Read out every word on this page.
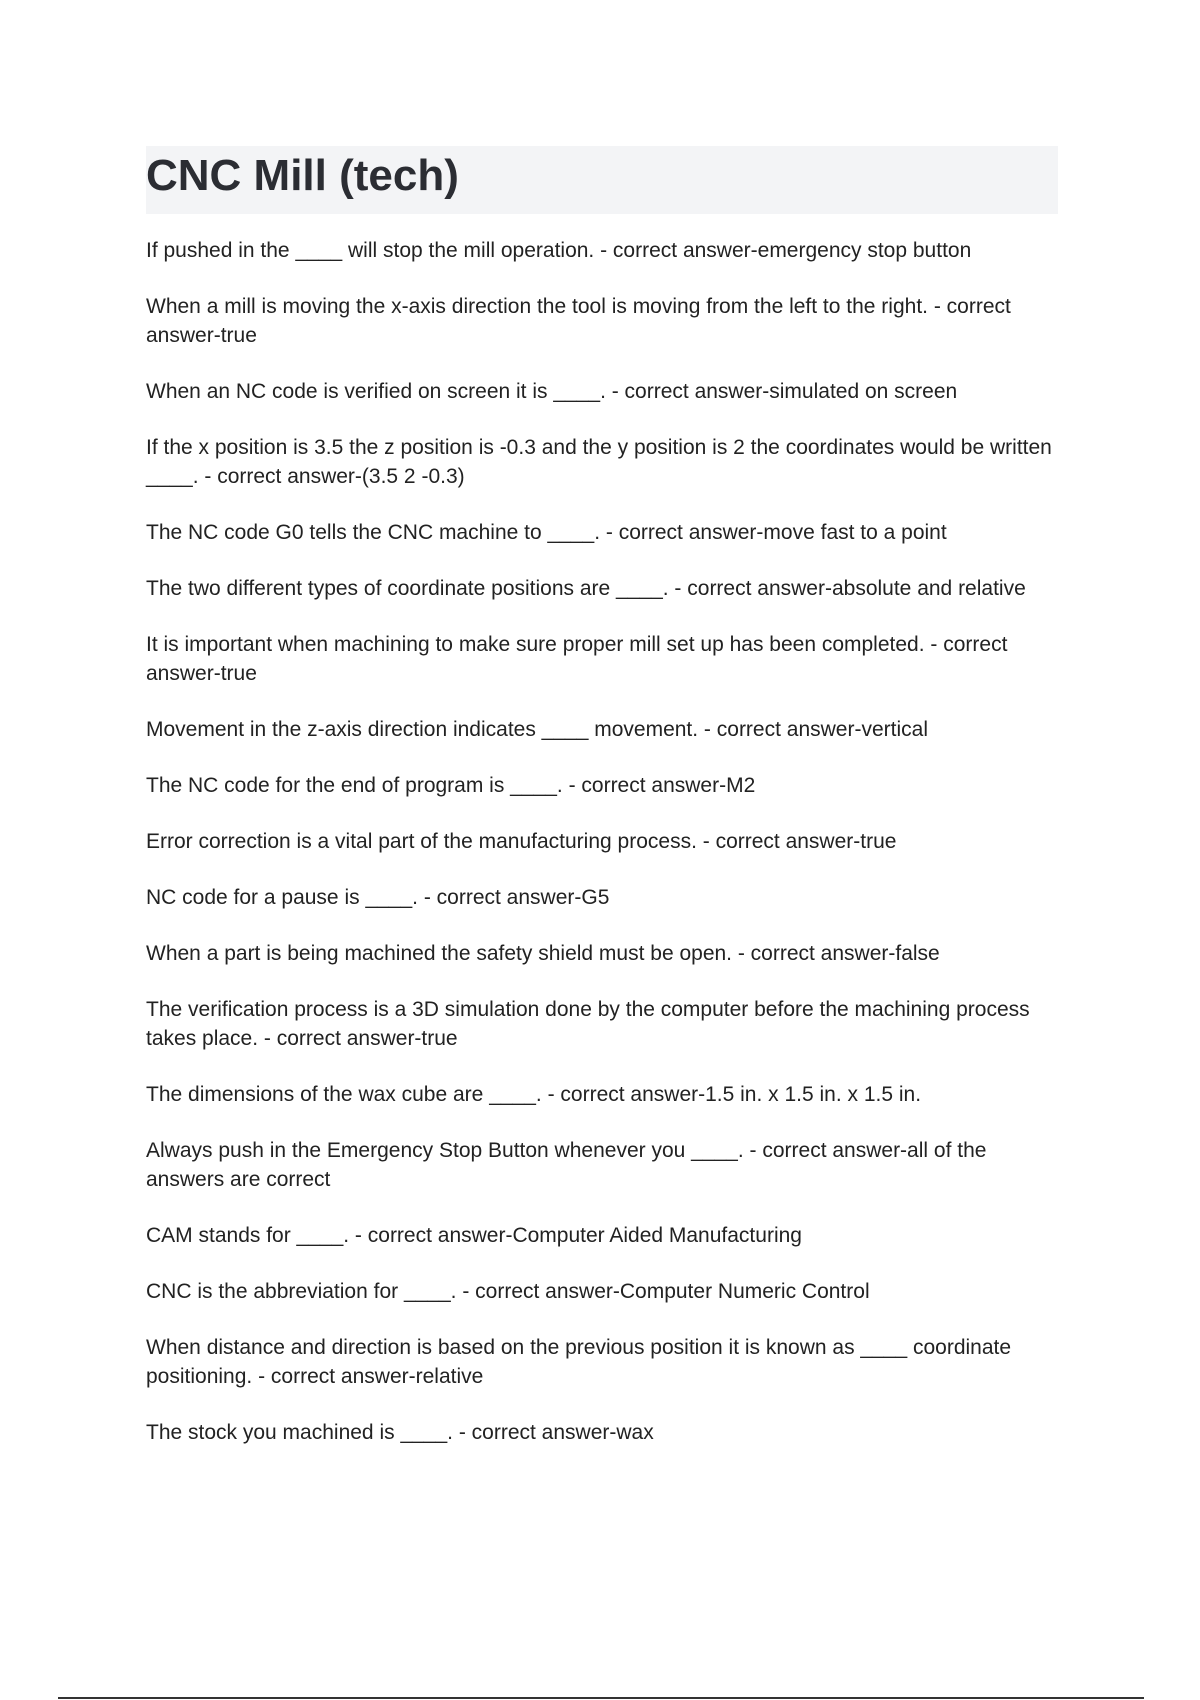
CNC Mill (tech)
If pushed in the ____ will stop the mill operation. - correct answer-emergency stop button
When a mill is moving the x-axis direction the tool is moving from the left to the right. - correct answer-true
When an NC code is verified on screen it is ____. - correct answer-simulated on screen
If the x position is 3.5 the z position is -0.3 and the y position is 2 the coordinates would be written ____. - correct answer-(3.5 2 -0.3)
The NC code G0 tells the CNC machine to ____. - correct answer-move fast to a point
The two different types of coordinate positions are ____. - correct answer-absolute and relative
It is important when machining to make sure proper mill set up has been completed. - correct answer-true
Movement in the z-axis direction indicates ____ movement. - correct answer-vertical
The NC code for the end of program is ____. - correct answer-M2
Error correction is a vital part of the manufacturing process. - correct answer-true
NC code for a pause is ____. - correct answer-G5
When a part is being machined the safety shield must be open. - correct answer-false
The verification process is a 3D simulation done by the computer before the machining process takes place. - correct answer-true
The dimensions of the wax cube are ____. - correct answer-1.5 in. x 1.5 in. x 1.5 in.
Always push in the Emergency Stop Button whenever you ____. - correct answer-all of the answers are correct
CAM stands for ____. - correct answer-Computer Aided Manufacturing
CNC is the abbreviation for ____. - correct answer-Computer Numeric Control
When distance and direction is based on the previous position it is known as ____ coordinate positioning. - correct answer-relative
The stock you machined is ____. - correct answer-wax
